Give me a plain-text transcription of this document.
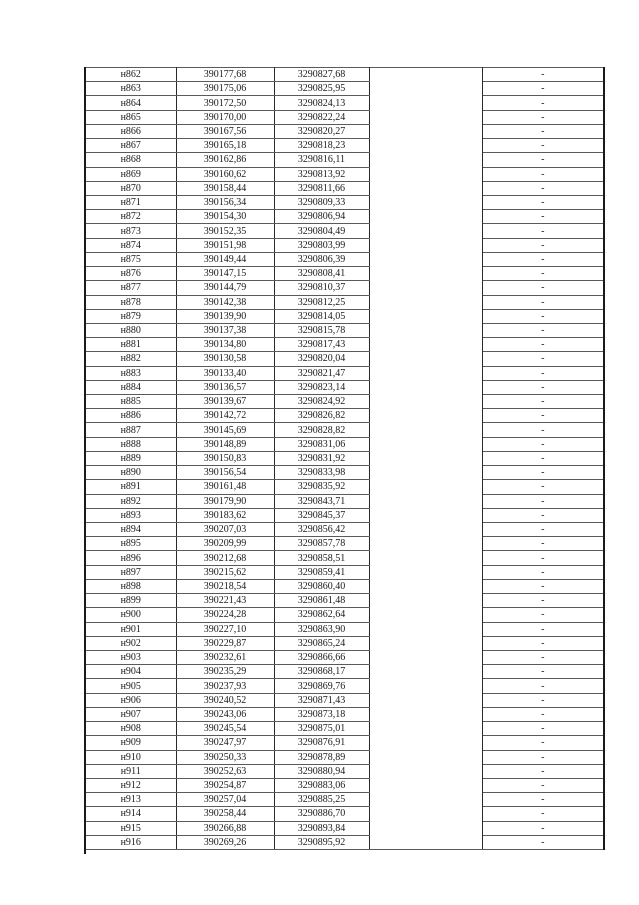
н862	390177,68	3290827,68		-
н863	390175,06	3290825,95		-
н864	390172,50	3290824,13		-
н865	390170,00	3290822,24		-
н866	390167,56	3290820,27		-
н867	390165,18	3290818,23		-
н868	390162,86	3290816,11		-
н869	390160,62	3290813,92		-
н870	390158,44	3290811,66		-
н871	390156,34	3290809,33		-
н872	390154,30	3290806,94		-
н873	390152,35	3290804,49		-
н874	390151,98	3290803,99		-
н875	390149,44	3290806,39		-
н876	390147,15	3290808,41		-
н877	390144,79	3290810,37		-
н878	390142,38	3290812,25		-
н879	390139,90	3290814,05		-
н880	390137,38	3290815,78		-
н881	390134,80	3290817,43		-
н882	390130,58	3290820,04		-
н883	390133,40	3290821,47		-
н884	390136,57	3290823,14		-
н885	390139,67	3290824,92		-
н886	390142,72	3290826,82		-
н887	390145,69	3290828,82		-
н888	390148,89	3290831,06		-
н889	390150,83	3290831,92		-
н890	390156,54	3290833,98		-
н891	390161,48	3290835,92		-
н892	390179,90	3290843,71		-
н893	390183,62	3290845,37		-
н894	390207,03	3290856,42		-
н895	390209,99	3290857,78		-
н896	390212,68	3290858,51		-
н897	390215,62	3290859,41		-
н898	390218,54	3290860,40		-
н899	390221,43	3290861,48		-
н900	390224,28	3290862,64		-
н901	390227,10	3290863,90		-
н902	390229,87	3290865,24		-
н903	390232,61	3290866,66		-
н904	390235,29	3290868,17		-
н905	390237,93	3290869,76		-
н906	390240,52	3290871,43		-
н907	390243,06	3290873,18		-
н908	390245,54	3290875,01		-
н909	390247,97	3290876,91		-
н910	390250,33	3290878,89		-
н911	390252,63	3290880,94		-
н912	390254,87	3290883,06		-
н913	390257,04	3290885,25		-
н914	390258,44	3290886,70		-
н915	390266,88	3290893,84		-
н916	390269,26	3290895,92		-
